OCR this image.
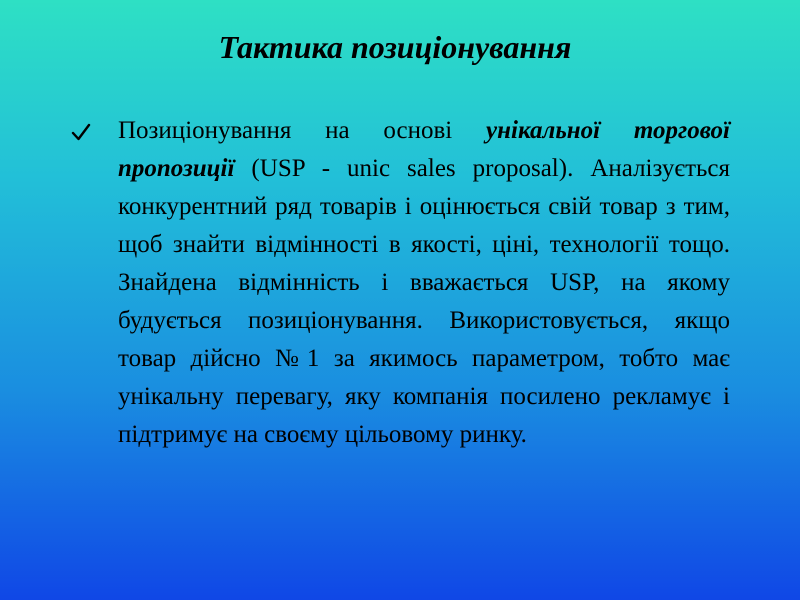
Тактика позиціонування

Позиціонування на основі унікальної торгової пропозиції (USP - unic sales proposal). Аналізується конкурентний ряд товарів і оцінюється свій товар з тим, щоб знайти відмінності в якості, ціні, технології тощо. Знайдена відмінність і вважається USP, на якому будується позиціонування. Використовується, якщо товар дійсно №1 за якимось параметром, тобто має унікальну перевагу, яку компанія посилено рекламує і підтримує на своєму цільовому ринку.
